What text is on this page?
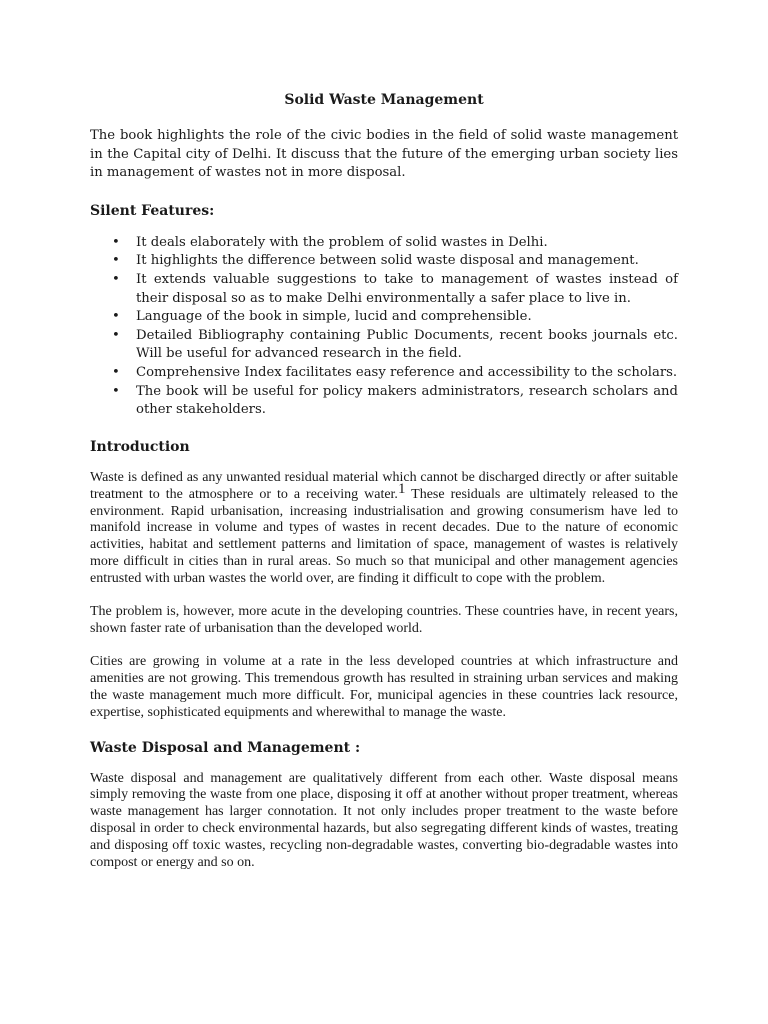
Solid Waste Management

The book highlights the role of the civic bodies in the field of solid waste management in the Capital city of Delhi. It discuss that the future of the emerging urban society lies in management of wastes not in more disposal.

Silent Features:
• It deals elaborately with the problem of solid wastes in Delhi.
• It highlights the difference between solid waste disposal and management.
• It extends valuable suggestions to take to management of wastes instead of their disposal so as to make Delhi environmentally a safer place to live in.
• Language of the book in simple, lucid and comprehensible.
• Detailed Bibliography containing Public Documents, recent books journals etc. Will be useful for advanced research in the field.
• Comprehensive Index facilitates easy reference and accessibility to the scholars.
• The book will be useful for policy makers administrators, research scholars and other stakeholders.
Introduction

Waste is defined as any unwanted residual material which cannot be discharged directly or after suitable treatment to the atmosphere or to a receiving water.$^1$ These residuals are ultimately released to the environment. Rapid urbanisation, increasing industrialisation and growing consumerism have led to manifold increase in volume and types of wastes in recent decades. Due to the nature of economic activities, habitat and settlement patterns and limitation of space, management of wastes is relatively more difficult in cities than in rural areas. So much so that municipal and other management agencies entrusted with urban wastes the world over, are finding it difficult to cope with the problem.

The problem is, however, more acute in the developing countries. These countries have, in recent years, shown faster rate of urbanisation than the developed world.

Cities are growing in volume at a rate in the less developed countries at which infrastructure and amenities are not growing. This tremendous growth has resulted in straining urban services and making the waste management much more difficult. For, municipal agencies in these countries lack resource, expertise, sophisticated equipments and wherewithal to manage the waste.

Waste Disposal and Management :

Waste disposal and management are qualitatively different from each other. Waste disposal means simply removing the waste from one place, disposing it off at another without proper treatment, whereas waste management has larger connotation. It not only includes proper treatment to the waste before disposal in order to check environmental hazards, but also segregating different kinds of wastes, treating and disposing off toxic wastes, recycling non-degradable wastes, converting bio-degradable wastes into compost or energy and so on.
